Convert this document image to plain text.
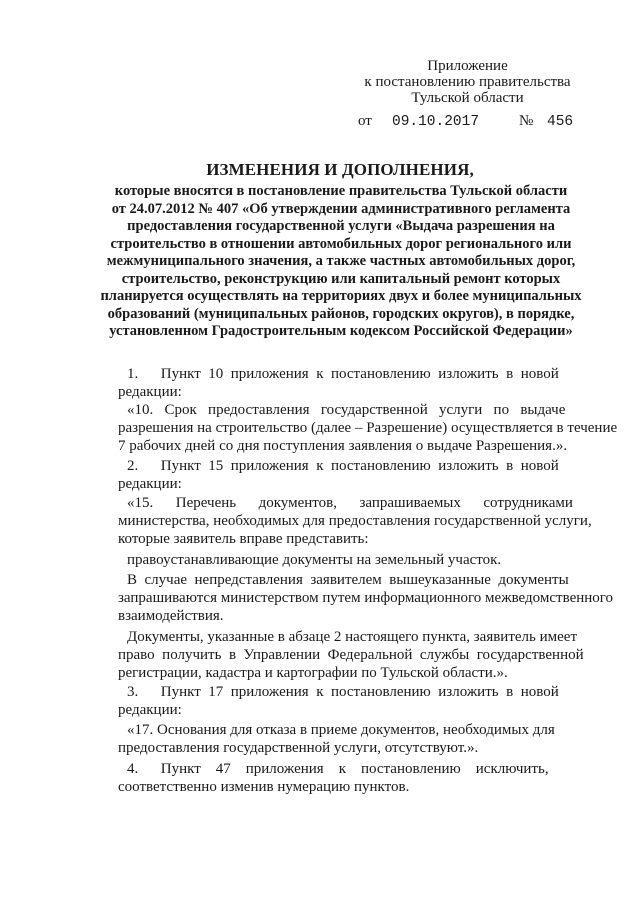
Приложение
к постановлению правительства
Тульской области
от 09.10.2017	№ 456
ИЗМЕНЕНИЯ И ДОПОЛНЕНИЯ,
которые вносятся в постановление правительства Тульской области
от 24.07.2012 № 407 «Об утверждении административного регламента
предоставления государственной услуги «Выдача разрешения на
строительство в отношении автомобильных дорог регионального или
межмуниципального значения, а также частных автомобильных дорог,
строительство, реконструкцию или капитальный ремонт которых
планируется осуществлять на территориях двух и более муниципальных
образований (муниципальных районов, городских округов), в порядке,
установленном Градостроительным кодексом Российской Федерации»
1.      Пункт  10  приложения  к  постановлению  изложить  в  новой
редакции:
«10.   Срок   предоставления   государственной   услуги   по   выдаче
разрешения на строительство (далее – Разрешение) осуществляется в течение
7 рабочих дней со дня поступления заявления о выдаче Разрешения.».
2.      Пункт  15  приложения  к  постановлению  изложить  в  новой
редакции:
«15.      Перечень      документов,      запрашиваемых      сотрудниками
министерства, необходимых для предоставления государственной услуги,
которые заявитель вправе представить:
правоустанавливающие документы на земельный участок.
В  случае  непредставления  заявителем  вышеуказанные  документы
запрашиваются министерством путем информационного межведомственного
взаимодействия.
Документы, указанные в абзаце 2 настоящего пункта, заявитель имеет
право  получить  в  Управлении  Федеральной  службы  государственной
регистрации, кадастра и картографии по Тульской области.».
3.      Пункт  17  приложения  к  постановлению  изложить  в  новой
редакции:
«17. Основания для отказа в приеме документов, необходимых для
предоставления государственной услуги, отсутствуют.».
4.      Пункт    47    приложения    к    постановлению    исключить,
соответственно изменив нумерацию пунктов.
